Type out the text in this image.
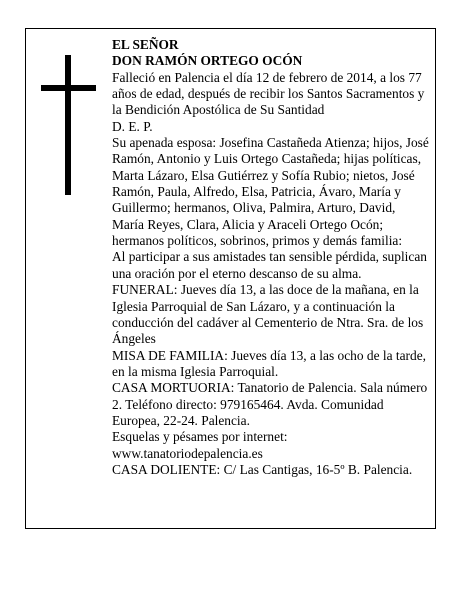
EL SEÑOR

DON RAMÓN ORTEGO OCÓN

Falleció en Palencia el día 12 de febrero de 2014, a los 77 años de edad, después de recibir los Santos Sacramentos y la Bendición Apostólica de Su Santidad

D. E. P.

Su apenada esposa: Josefina Castañeda Atienza; hijos, José Ramón, Antonio y Luis Ortego Castañeda; hijas políticas, Marta Lázaro, Elsa Gutiérrez y Sofía Rubio; nietos, José Ramón, Paula, Alfredo, Elsa, Patricia, Ávaro, María y Guillermo; hermanos, Oliva, Palmira, Arturo, David, María Reyes, Clara, Alicia y Araceli Ortego Ocón; hermanos políticos, sobrinos, primos y demás familia:

Al participar a sus amistades tan sensible pérdida, suplican una oración por el eterno descanso de su alma.

FUNERAL: Jueves día 13, a las doce de la mañana, en la Iglesia Parroquial de San Lázaro, y a continuación la conducción del cadáver al Cementerio de Ntra. Sra. de los Ángeles

MISA DE FAMILIA: Jueves día 13, a las ocho de la tarde, en la misma Iglesia Parroquial.

CASA MORTUORIA: Tanatorio de Palencia. Sala número 2. Teléfono directo: 979165464. Avda. Comunidad Europea, 22-24. Palencia.

Esquelas y pésames por internet: www.tanatoriodepalencia.es

CASA DOLIENTE: C/ Las Cantigas, 16-5º B. Palencia.
